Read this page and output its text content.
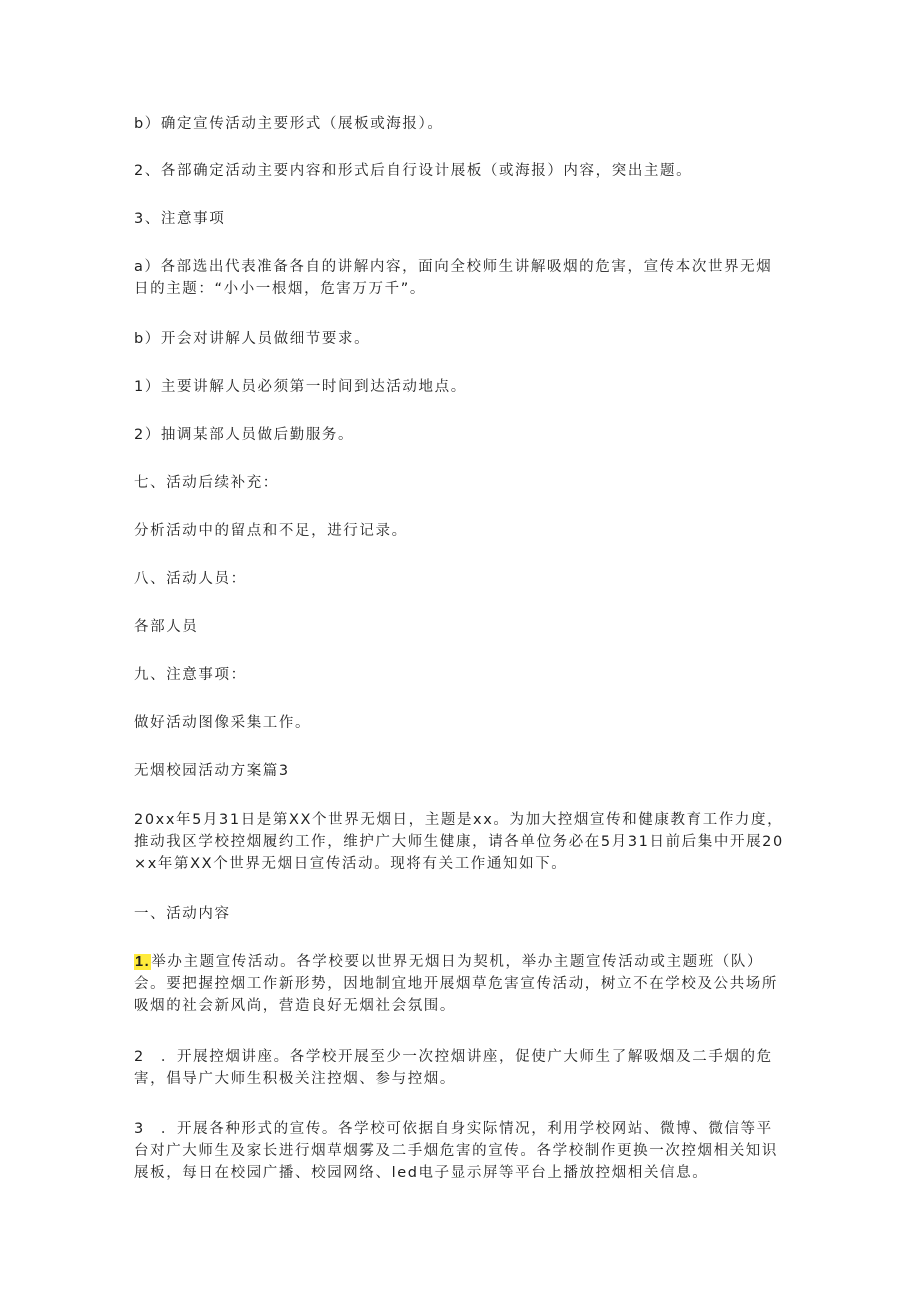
b）确定宣传活动主要形式（展板或海报）。

2、各部确定活动主要内容和形式后自行设计展板（或海报）内容，突出主题。

3、注意事项

a）各部选出代表准备各自的讲解内容，面向全校师生讲解吸烟的危害，宣传本次世界无烟日的主题：“小小一根烟，危害万万千”。

b）开会对讲解人员做细节要求。

1）主要讲解人员必须第一时间到达活动地点。

2）抽调某部人员做后勤服务。

七、活动后续补充：

分析活动中的留点和不足，进行记录。

八、活动人员：

各部人员

九、注意事项：

做好活动图像采集工作。

无烟校园活动方案篇3

20xx年5月31日是第XX个世界无烟日，主题是xx。为加大控烟宣传和健康教育工作力度，推动我区学校控烟履约工作，维护广大师生健康，请各单位务必在5月31日前后集中开展20×x年第XX个世界无烟日宣传活动。现将有关工作通知如下。

一、活动内容

1.举办主题宣传活动。各学校要以世界无烟日为契机，举办主题宣传活动或主题班（队）会。要把握控烟工作新形势，因地制宜地开展烟草危害宣传活动，树立不在学校及公共场所吸烟的社会新风尚，营造良好无烟社会氛围。

2　．开展控烟讲座。各学校开展至少一次控烟讲座，促使广大师生了解吸烟及二手烟的危害，倡导广大师生积极关注控烟、参与控烟。

3　．开展各种形式的宣传。各学校可依据自身实际情况，利用学校网站、微博、微信等平台对广大师生及家长进行烟草烟雾及二手烟危害的宣传。各学校制作更换一次控烟相关知识展板，每日在校园广播、校园网络、led电子显示屏等平台上播放控烟相关信息。
